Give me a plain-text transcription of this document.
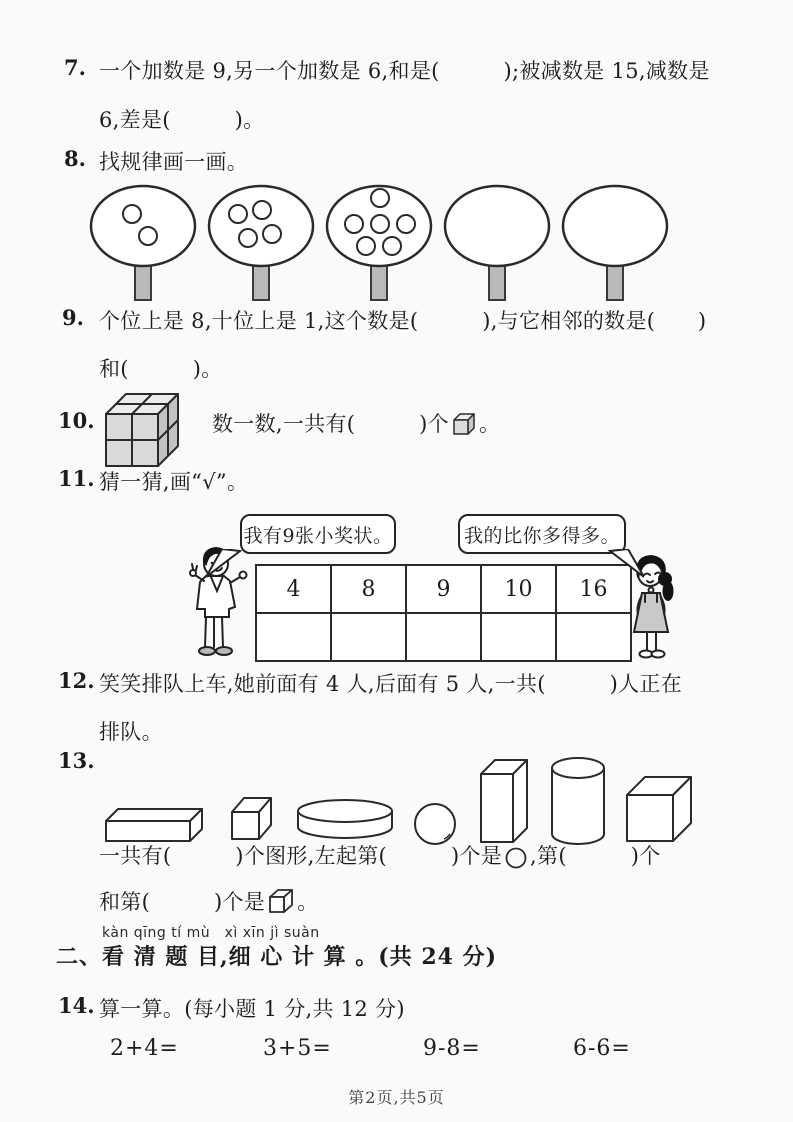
7. 一个加数是 9,另一个加数是 6,和是(　　　);被减数是 15,减数是
6,差是(　　　)。
8. 找规律画一画。
9. 个位上是 8,十位上是 1,这个数是(　　　),与它相邻的数是(　　)
和(　　　)。
10.	数一数,一共有(　　　)个 。
11. 猜一猜,画“√”。
我有9张小奖状。	我的比你多得多。
4	8	9	10	16

12. 笑笑排队上车,她前面有 4 人,后面有 5 人,一共(　　　)人正在
排队。
13.
一共有(　　　)个图形,左起第(　　　)个是 ,第(　　　)个
和第(　　　)个是 。
kàn qīng tí mù　xì xīn jì suàn
二、看 清 题 目,细 心 计 算 。(共 24 分)
14. 算一算。(每小题 1 分,共 12 分)
2+4=	3+5=	9-8=	6-6=
第2页,共5页
